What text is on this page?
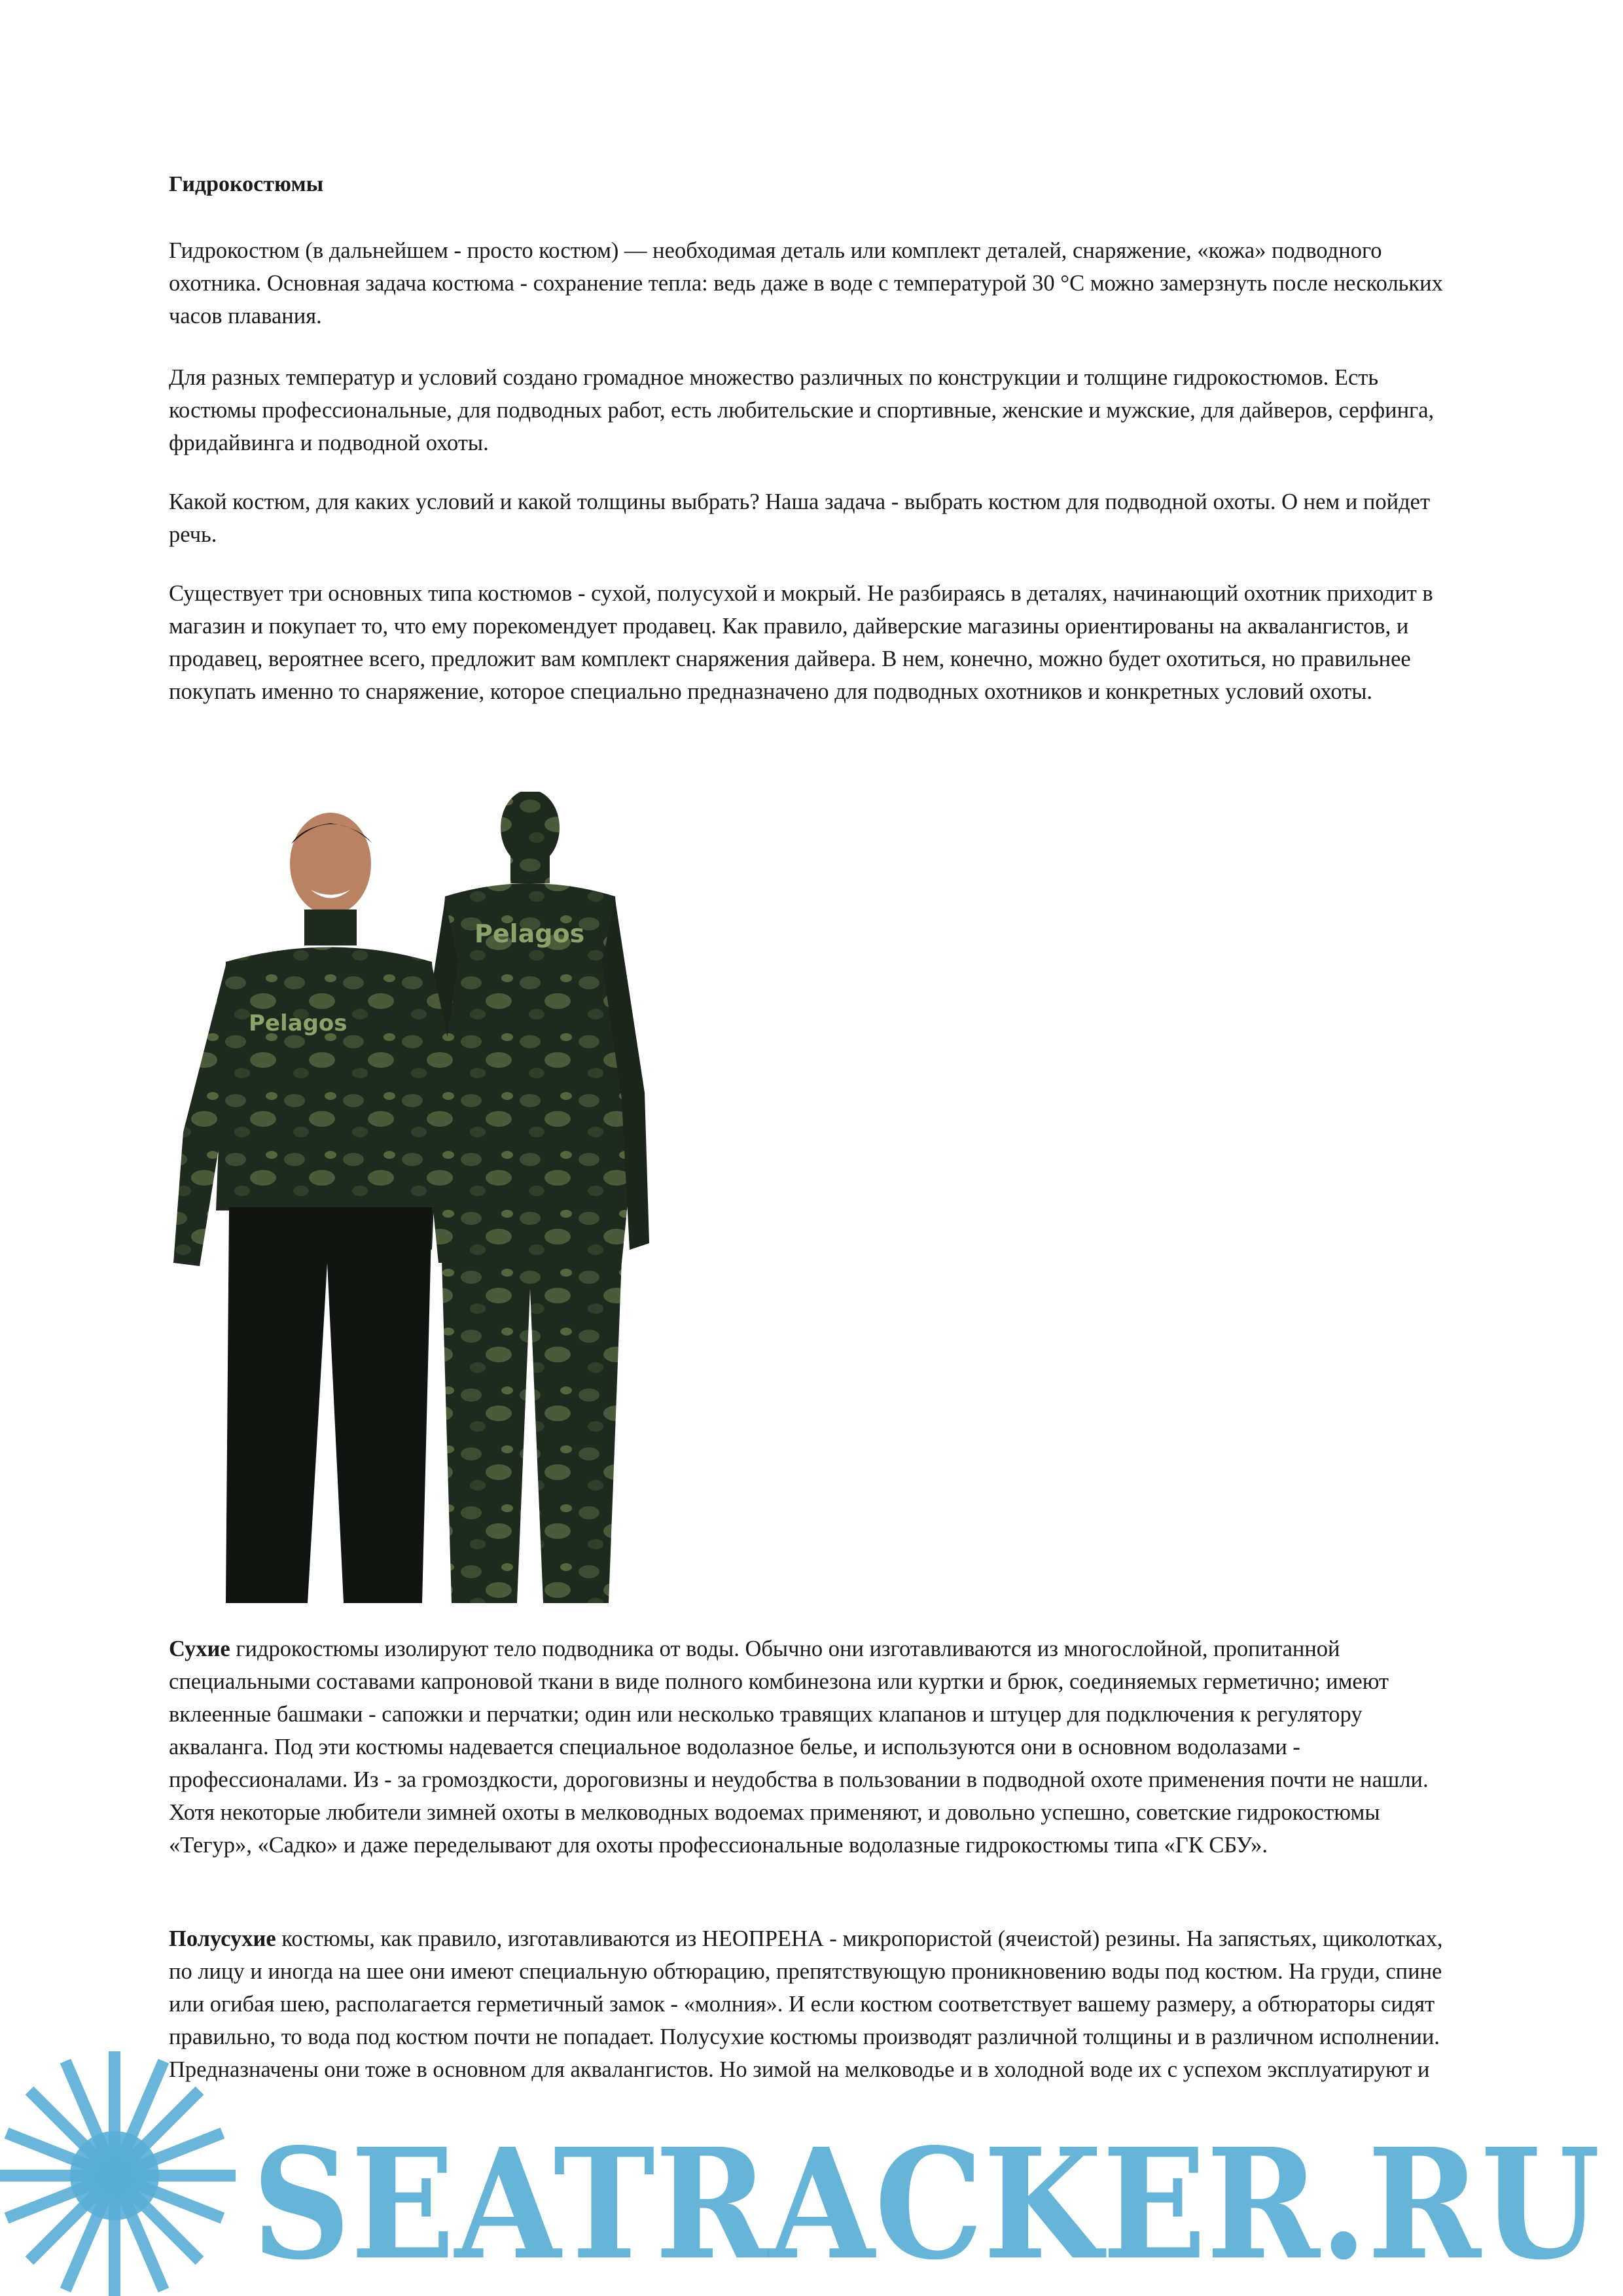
Гидрокостюмы

Гидрокостюм (в дальнейшем - просто костюм) — необходимая деталь или комплект деталей, снаряжение, «кожа» подводного охотника. Основная задача костюма - сохранение тепла: ведь даже в воде с температурой 30 °С можно замерзнуть после нескольких часов плавания.

Для разных температур и условий создано громадное множество различных по конструкции и толщине гидрокостюмов. Есть костюмы профессиональные, для подводных работ, есть любительские и спортивные, женские и мужские, для дайверов, серфинга, фридайвинга и подводной охоты.

Какой костюм, для каких условий и какой толщины выбрать? Наша задача - выбрать костюм для подводной охоты. О нем и пойдет речь.

Существует три основных типа костюмов - сухой, полусухой и мокрый. Не разбираясь в деталях, начинающий охотник приходит в магазин и покупает то, что ему порекомендует продавец. Как правило, дайверские магазины ориентированы на аквалангистов, и продавец, вероятнее всего, предложит вам комплект снаряжения дайвера. В нем, конечно, можно будет охотиться, но правильнее покупать именно то снаряжение, которое специально предназначено для подводных охотников и конкретных условий охоты.

Pelagos
Pelagos

Сухие гидрокостюмы изолируют тело подводника от воды. Обычно они изготавливаются из многослойной, пропитанной специальными составами капроновой ткани в виде полного комбинезона или куртки и брюк, соединяемых герметично; имеют вклеенные башмаки - сапожки и перчатки; один или несколько травящих клапанов и штуцер для подключения к регулятору акваланга. Под эти костюмы надевается специальное водолазное белье, и используются они в основном водолазами - профессионалами. Из - за громоздкости, дороговизны и неудобства в пользовании в подводной охоте применения почти не нашли. Хотя некоторые любители зимней охоты в мелководных водоемах применяют, и довольно успешно, советские гидрокостюмы «Тегур», «Садко» и даже переделывают для охоты профессиональные водолазные гидрокостюмы типа «ГК СБУ».

Полусухие костюмы, как правило, изготавливаются из НЕОПРЕНА - микропористой (ячеистой) резины. На запястьях, щиколотках, по лицу и иногда на шее они имеют специальную обтюрацию, препятствующую проникновению воды под костюм. На груди, спине или огибая шею, располагается герметичный замок - «молния». И если костюм соответствует вашему размеру, а обтюраторы сидят правильно, то вода под костюм почти не попадает. Полусухие костюмы производят различной толщины и в различном исполнении. Предназначены они тоже в основном для аквалангистов. Но зимой на мелководье и в холодной воде их с успехом эксплуатируют и

SEATRACKER.RU
